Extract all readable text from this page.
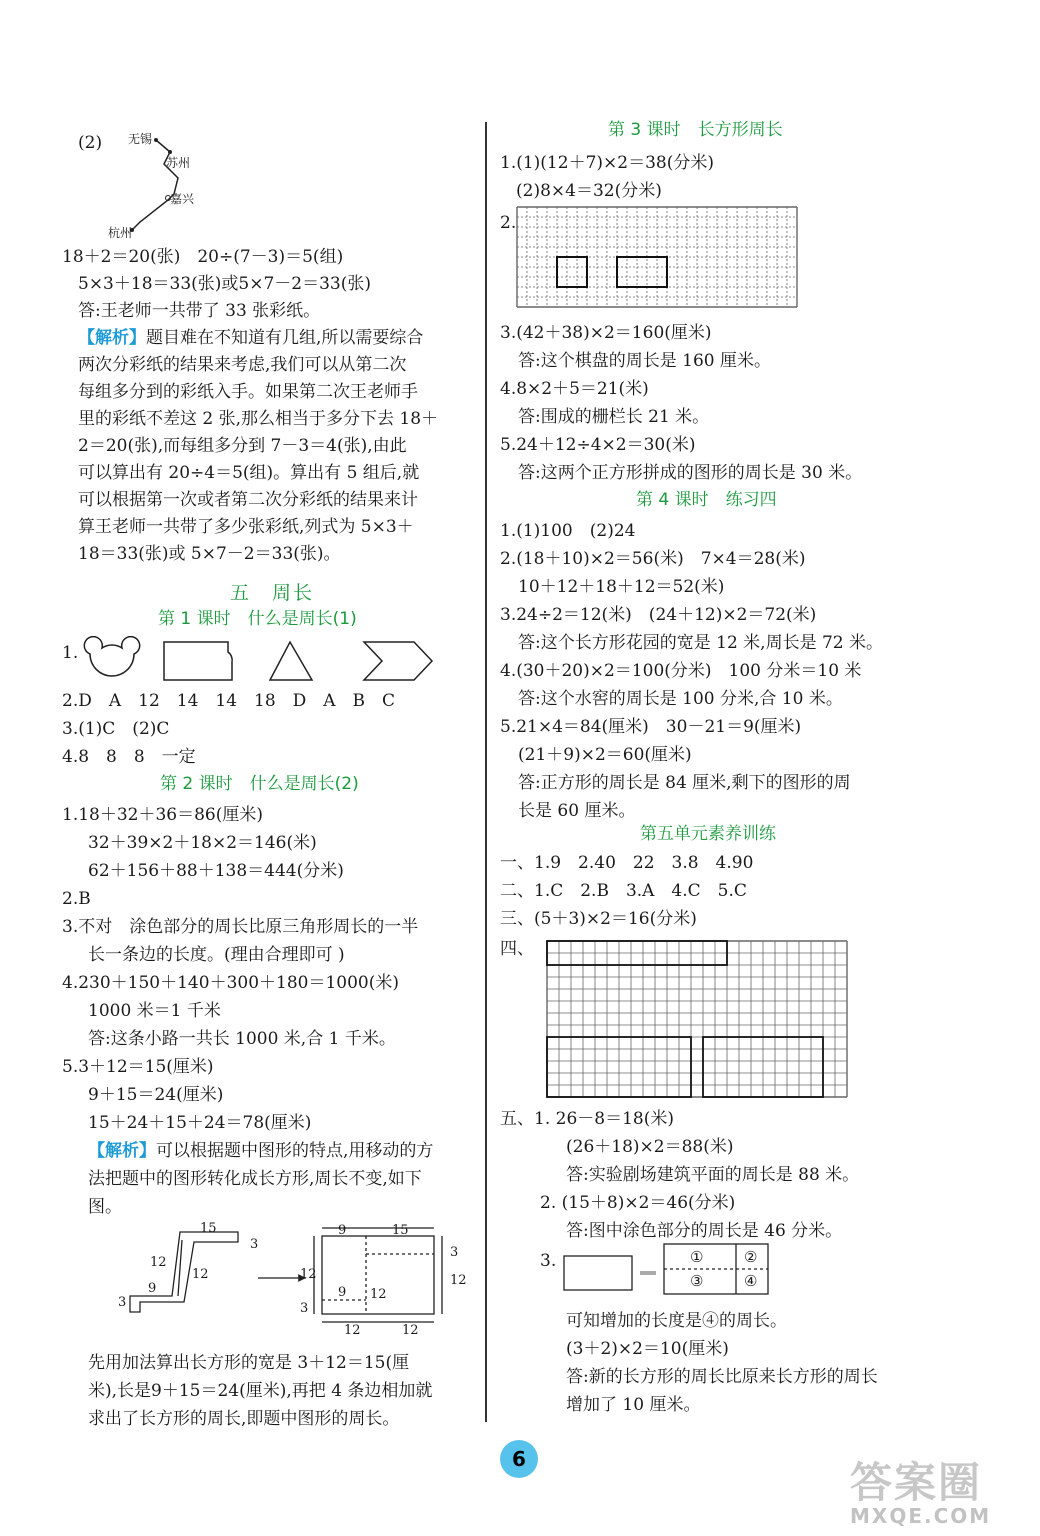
(2) 无锡
苏州
嘉兴
杭州
18＋2＝20(张)　20÷(7－3)＝5(组)
5×3＋18＝33(张)或5×7－2＝33(张)
答:王老师一共带了 33 张彩纸。
【解析】题目难在不知道有几组,所以需要综合
两次分彩纸的结果来考虑,我们可以从第二次
每组多分到的彩纸入手。如果第二次王老师手
里的彩纸不差这 2 张,那么相当于多分下去 18＋
2＝20(张),而每组多分到 7－3＝4(张),由此
可以算出有 20÷4＝5(组)。算出有 5 组后,就
可以根据第一次或者第二次分彩纸的结果来计
算王老师一共带了多少张彩纸,列式为 5×3＋
18＝33(张)或 5×7－2＝33(张)。
五　周长
第 1 课时　什么是周长(1)
1.
2.D　A　12　14　14　18　D　A　B　C
3.(1)C　(2)C
4.8　8　8　一定
第 2 课时　什么是周长(2)
1.18＋32＋36＝86(厘米)
32＋39×2＋18×2＝146(米)
62＋156＋88＋138＝444(分米)
2.B
3.不对　涂色部分的周长比原三角形周长的一半
长一条边的长度。(理由合理即可 )
4.230＋150＋140＋300＋180＝1000(米)
1000 米＝1 千米
答:这条小路一共长 1000 米,合 1 千米。
5.3＋12＝15(厘米)
9＋15＝24(厘米)
15＋24＋15＋24＝78(厘米)
【解析】可以根据题中图形的特点,用移动的方
法把题中的图形转化成长方形,周长不变,如下
图。
15
3
12
12
9
3
9	15
3
12
9
12
3
12	12
12
先用加法算出长方形的宽是 3＋12＝15(厘
米),长是9＋15＝24(厘米),再把 4 条边相加就
求出了长方形的周长,即题中图形的周长。
第 3 课时　长方形周长
1.(1)(12＋7)×2＝38(分米)
(2)8×4＝32(分米)
2.
3.(42＋38)×2＝160(厘米)
答:这个棋盘的周长是 160 厘米。
4.8×2＋5＝21(米)
答:围成的栅栏长 21 米。
5.24＋12÷4×2＝30(米)
答:这两个正方形拼成的图形的周长是 30 米。
第 4 课时　练习四
1.(1)100　(2)24
2.(18＋10)×2＝56(米)　7×4＝28(米)
10＋12＋18＋12＝52(米)
3.24÷2＝12(米)　(24＋12)×2＝72(米)
答:这个长方形花园的宽是 12 米,周长是 72 米。
4.(30＋20)×2＝100(分米)　100 分米＝10 米
答:这个水窖的周长是 100 分米,合 10 米。
5.21×4＝84(厘米)　30－21＝9(厘米)
(21＋9)×2＝60(厘米)
答:正方形的周长是 84 厘米,剩下的图形的周
长是 60 厘米。
第五单元素养训练
一、1.9　2.40　22　3.8　4.90
二、1.C　2.B　3.A　4.C　5.C
三、(5＋3)×2＝16(分米)
四、
五、1. 26－8＝18(米)
(26＋18)×2＝88(米)
答:实验剧场建筑平面的周长是 88 米。
2. (15＋8)×2＝46(分米)
答:图中涂色部分的周长是 46 分米。
3.	①	②
③	④
可知增加的长度是④的周长。
(3＋2)×2＝10(厘米)
答:新的长方形的周长比原来长方形的周长
增加了 10 厘米。
6	答案圈
MXQE.COM
